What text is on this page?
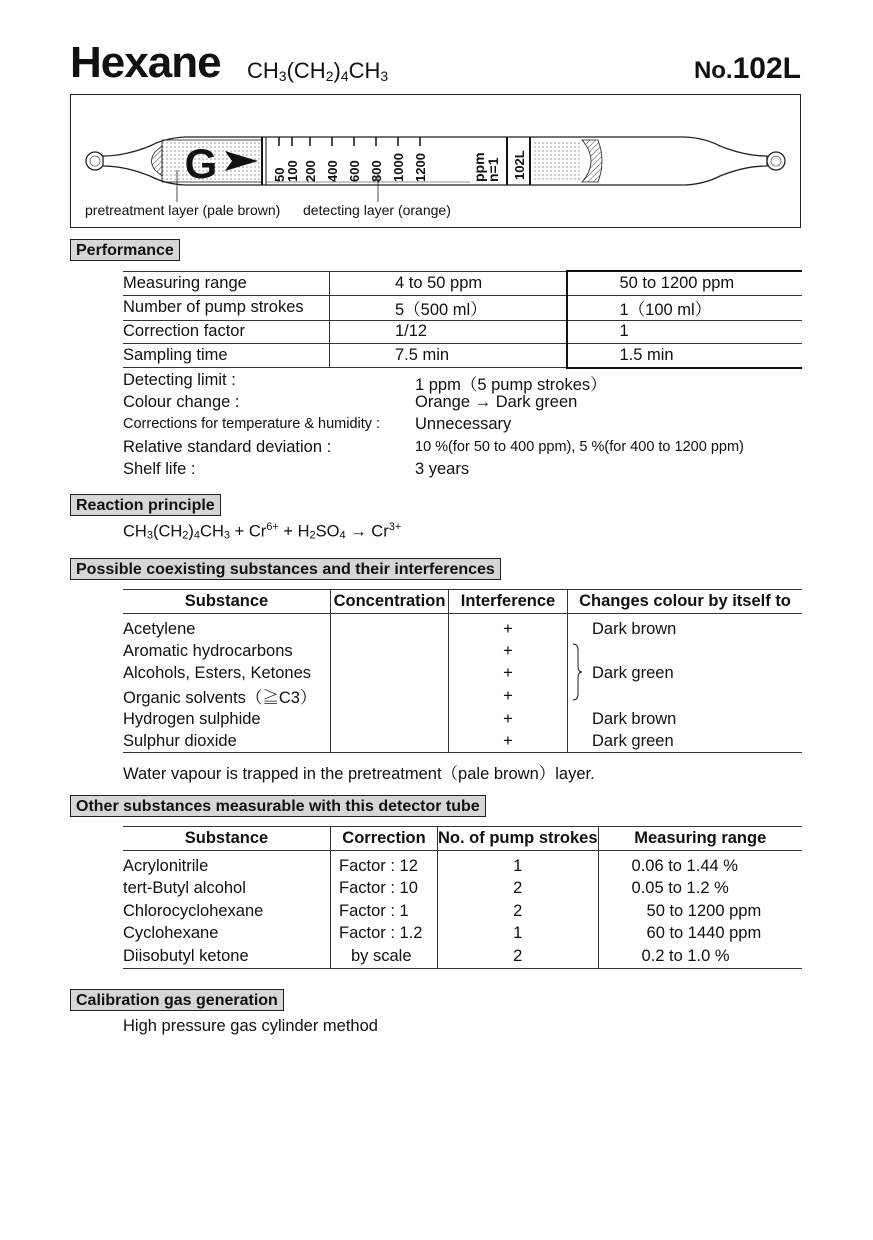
Hexane $CH_3(CH_2)_4CH_3$	No.102L
G	50
100 200 400 600 800 1000 1200	ppm
n=1 102L
pretreatment layer (pale brown) detecting layer (orange)
Performance
Measuring range	4 to 50 ppm	50 to 1200 ppm
Number of pump strokes	5（500 ml）	1（100 ml）
Correction factor	1/12	1
Sampling time	7.5 min	1.5 min
Detecting limit :	1 ppm（5 pump strokes）
Colour change :	Orange → Dark green
Corrections for temperature & humidity : Unnecessary
Relative standard deviation :	10 %(for 50 to 400 ppm), 5 %(for 400 to 1200 ppm)
Shelf life :	3 years
Reaction principle
$CH_3(CH_2)_4CH_3 + Cr^{6+} + H_2SO_4 \to Cr^{3+}$
Possible coexisting substances and their interferences
Substance	Concentration	Interference	Changes colour by itself to

Acetylene		+	Dark brown
Aromatic hydrocarbons		+	
Alcohols, Esters, Ketones		+	Dark green
Organic solvents（≧C3）		+	
Hydrogen sulphide		+	Dark brown
Sulphur dioxide		+	Dark green
Water vapour is trapped in the pretreatment（pale brown）layer.
Other substances measurable with this detector tube
Substance	Correction	No. of pump strokes	Measuring range

Acrylonitrile	Factor : 12	1	0.06 to 1.44 %
tert-Butyl alcohol	Factor : 10	2	0.05 to 1.2 %
Chlorocyclohexane	Factor : 1	2	50 to 1200 ppm
Cyclohexane	Factor : 1.2	1	60 to 1440 ppm
Diisobutyl ketone	by scale	2	0.2 to 1.0 %
Calibration gas generation
High pressure gas cylinder method
